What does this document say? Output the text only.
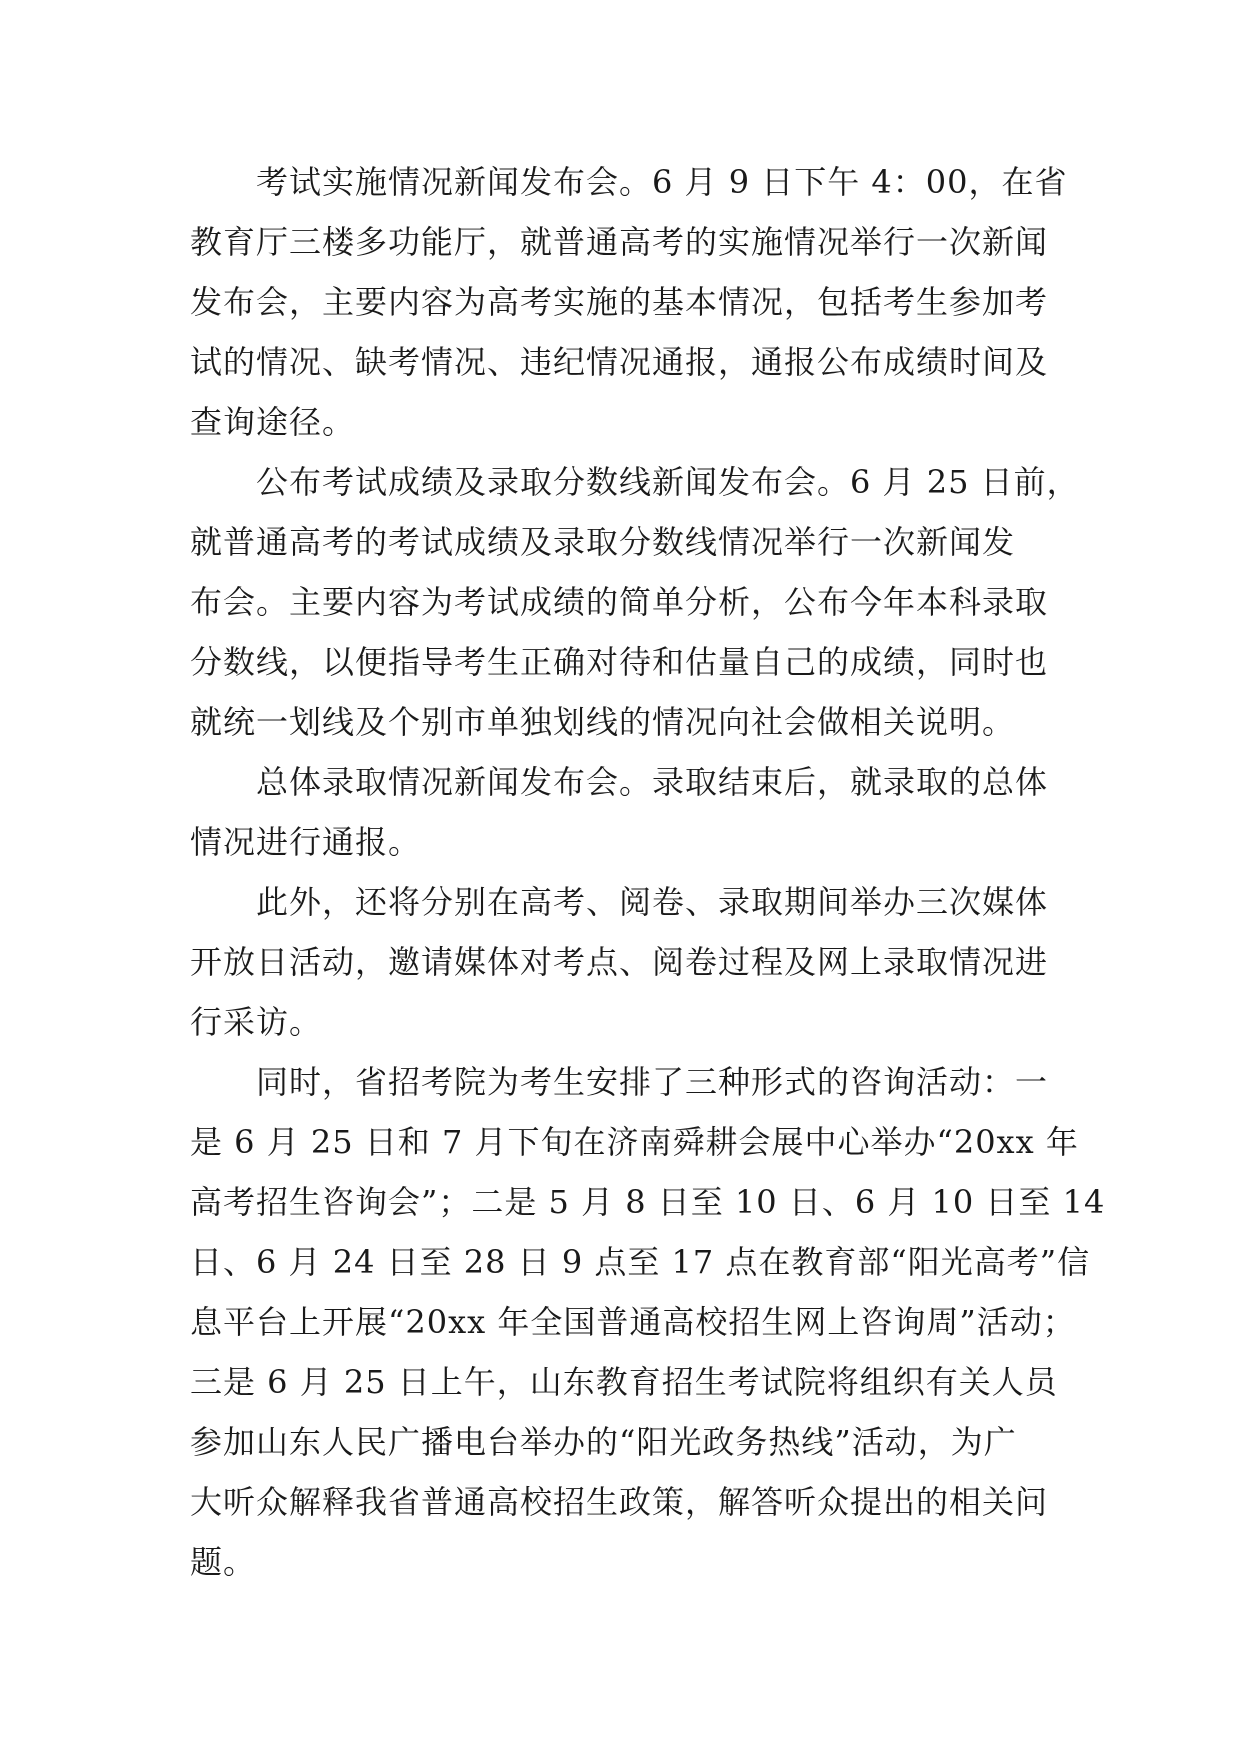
考试实施情况新闻发布会。6 月 9 日下午 4：00，在省
教育厅三楼多功能厅，就普通高考的实施情况举行一次新闻
发布会，主要内容为高考实施的基本情况，包括考生参加考
试的情况、缺考情况、违纪情况通报，通报公布成绩时间及
查询途径。
公布考试成绩及录取分数线新闻发布会。6 月 25 日前，
就普通高考的考试成绩及录取分数线情况举行一次新闻发
布会。主要内容为考试成绩的简单分析，公布今年本科录取
分数线，以便指导考生正确对待和估量自己的成绩，同时也
就统一划线及个别市单独划线的情况向社会做相关说明。
总体录取情况新闻发布会。录取结束后，就录取的总体
情况进行通报。
此外，还将分别在高考、阅卷、录取期间举办三次媒体
开放日活动，邀请媒体对考点、阅卷过程及网上录取情况进
行采访。
同时，省招考院为考生安排了三种形式的咨询活动：一
是 6 月 25 日和 7 月下旬在济南舜耕会展中心举办“20xx 年
高考招生咨询会”；二是 5 月 8 日至 10 日、6 月 10 日至 14
日、6 月 24 日至 28 日 9 点至 17 点在教育部“阳光高考”信
息平台上开展“20xx 年全国普通高校招生网上咨询周”活动；
三是 6 月 25 日上午，山东教育招生考试院将组织有关人员
参加山东人民广播电台举办的“阳光政务热线”活动，为广
大听众解释我省普通高校招生政策，解答听众提出的相关问
题。
